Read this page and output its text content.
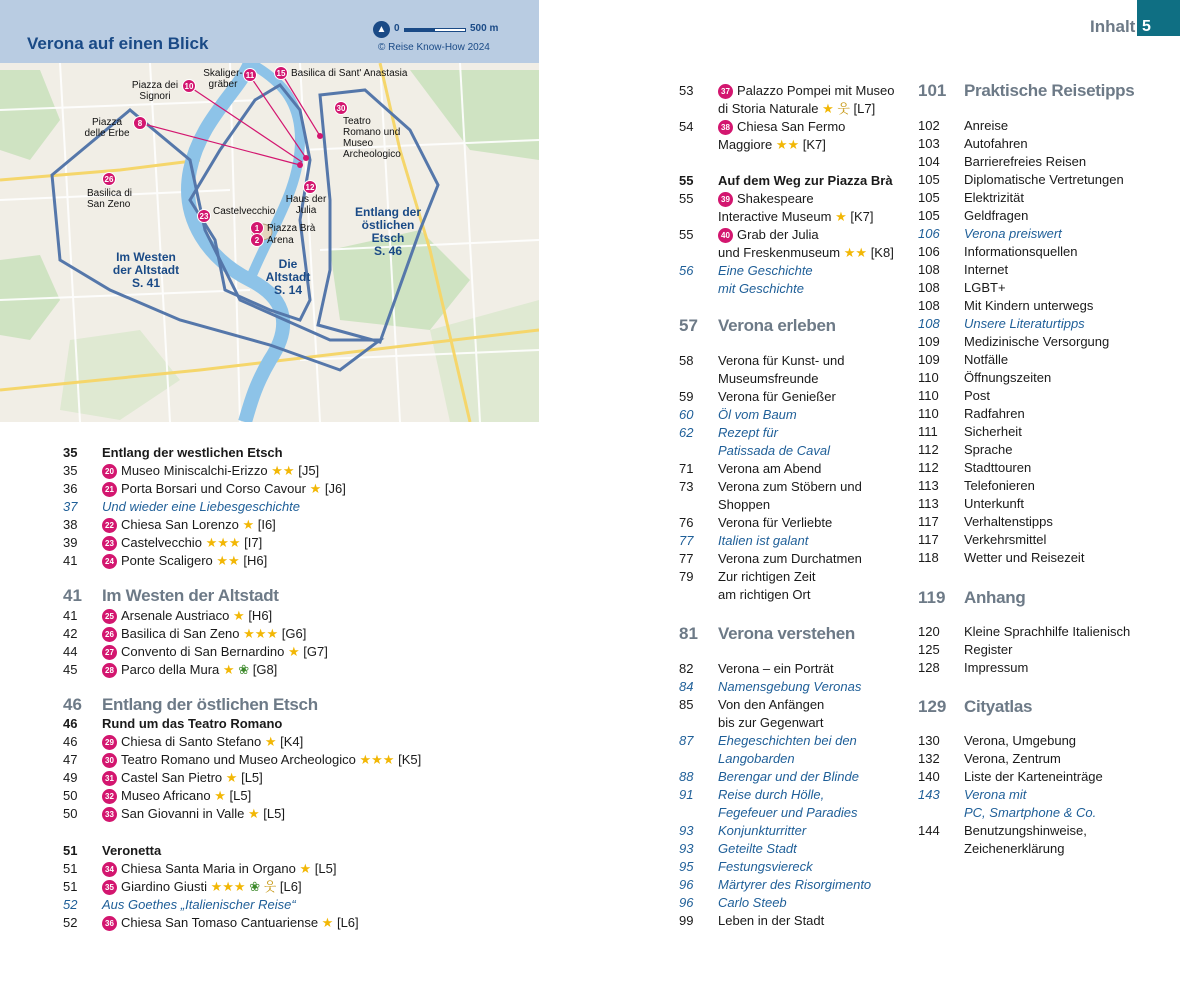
Verona auf einen Blick
▲ 0	500 m
© Reise Know-How 2024
Piazza dei Signori
10
Skaliger-gräber
11	15 Basilica di Sant' Anastasia
Piazza delle Erbe
8
30
Teatro Romano und Museo Archeologico
26
Basilica di San Zeno
12
Haus der Julia
23 Castelvecchio
1 Piazza Brà
2 Arena
Im Westen
der Altstadt
S. 41
Die
Altstadt
S. 14
Entlang der
östlichen
Etsch
S. 46
Inhalt 5
35 Entlang der westlichen Etsch
35	20 Museo Miniscalchi-Erizzo ★★ [J5]
36	21 Porta Borsari und Corso Cavour ★ [J6]
37 Und wieder eine Liebesgeschichte
38	22 Chiesa San Lorenzo ★ [I6]
39	23 Castelvecchio ★★★ [I7]
41	24 Ponte Scaligero ★★ [H6]
41 Im Westen der Altstadt
41	25 Arsenale Austriaco ★ [H6]
42	26 Basilica di San Zeno ★★★ [G6]
44	27 Convento di San Bernardino ★ [G7]
45	28 Parco della Mura ★ ❀ [G8]
46 Entlang der östlichen Etsch
46 Rund um das Teatro Romano
46	29 Chiesa di Santo Stefano ★ [K4]
47	30 Teatro Romano und Museo Archeologico ★★★ [K5]
49	31 Castel San Pietro ★ [L5]
50	32 Museo Africano ★ [L5]
50	33 San Giovanni in Valle ★ [L5]
51 Veronetta
51	34 Chiesa Santa Maria in Organo ★ [L5]
51	35 Giardino Giusti ★★★ ❀ 웃 [L6]
52 Aus Goethes „Italienischer Reise“
52	36 Chiesa San Tomaso Cantuariense ★ [L6]
53	37 Palazzo Pompei mit Museo
di Storia Naturale ★ 웃 [L7]
54	38 Chiesa San Fermo
Maggiore ★★ [K7]
55 Auf dem Weg zur Piazza Brà
55	39 Shakespeare
Interactive Museum ★ [K7]
55	40 Grab der Julia
und Freskenmuseum ★★ [K8]
56 Eine Geschichte
mit Geschichte
57 Verona erleben
58 Verona für Kunst- und
Museumsfreunde
59 Verona für Genießer
60 Öl vom Baum
62 Rezept für
Patissada de Caval
71 Verona am Abend
73 Verona zum Stöbern und
Shoppen
76 Verona für Verliebte
77 Italien ist galant
77 Verona zum Durchatmen
79 Zur richtigen Zeit
am richtigen Ort
81 Verona verstehen
82 Verona – ein Porträt
84 Namensgebung Veronas
85 Von den Anfängen
bis zur Gegenwart
87 Ehegeschichten bei den
Langobarden
88 Berengar und der Blinde
91 Reise durch Hölle,
Fegefeuer und Paradies
93 Konjunkturritter
93 Geteilte Stadt
95 Festungsviereck
96 Märtyrer des Risorgimento
96 Carlo Steeb
99 Leben in der Stadt
101 Praktische Reisetipps
102 Anreise
103 Autofahren
104 Barrierefreies Reisen
105 Diplomatische Vertretungen
105 Elektrizität
105 Geldfragen
106 Verona preiswert
106 Informationsquellen
108 Internet
108 LGBT+
108 Mit Kindern unterwegs
108 Unsere Literaturtipps
109 Medizinische Versorgung
109 Notfälle
110 Öffnungszeiten
110 Post
110 Radfahren
111 Sicherheit
112 Sprache
112 Stadttouren
113 Telefonieren
113 Unterkunft
117 Verhaltenstipps
117 Verkehrsmittel
118 Wetter und Reisezeit
119 Anhang
120 Kleine Sprachhilfe Italienisch
125 Register
128 Impressum
129 Cityatlas
130 Verona, Umgebung
132 Verona, Zentrum
140 Liste der Karteneinträge
143 Verona mit
PC, Smartphone & Co.
144 Benutzungshinweise,
Zeichenerklärung
